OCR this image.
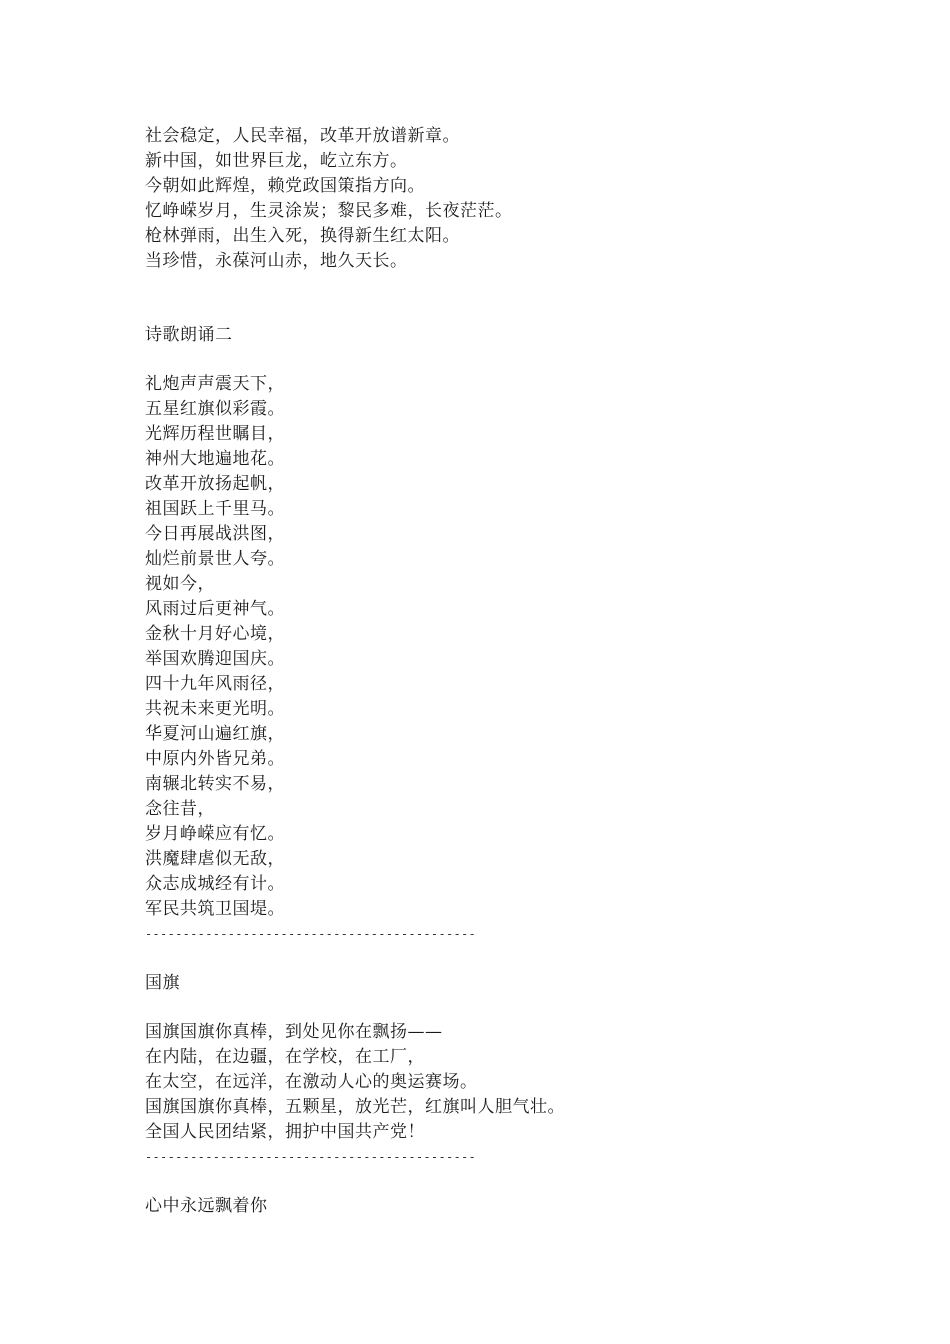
社会稳定，人民幸福，改革开放谱新章。
新中国，如世界巨龙，屹立东方。
今朝如此辉煌，赖党政国策指方向。
忆峥嵘岁月，生灵涂炭；黎民多难，长夜茫茫。
枪林弹雨，出生入死，换得新生红太阳。
当珍惜，永葆河山赤，地久天长。
诗歌朗诵二
礼炮声声震天下，
五星红旗似彩霞。
光辉历程世瞩目，
神州大地遍地花。
改革开放扬起帆，
祖国跃上千里马。
今日再展战洪图，
灿烂前景世人夸。
视如今，
风雨过后更神气。
金秋十月好心境，
举国欢腾迎国庆。
四十九年风雨径，
共祝未来更光明。
华夏河山遍红旗，
中原内外皆兄弟。
南辗北转实不易，
念往昔，
岁月峥嵘应有忆。
洪魔肆虐似无敌，
众志成城经有计。
军民共筑卫国堤。
--------------------------------------------
国旗
国旗国旗你真棒，到处见你在飘扬——
在内陆，在边疆，在学校，在工厂，
在太空，在远洋，在激动人心的奥运赛场。
国旗国旗你真棒，五颗星，放光芒，红旗叫人胆气壮。
全国人民团结紧，拥护中国共产党！
--------------------------------------------
心中永远飘着你
